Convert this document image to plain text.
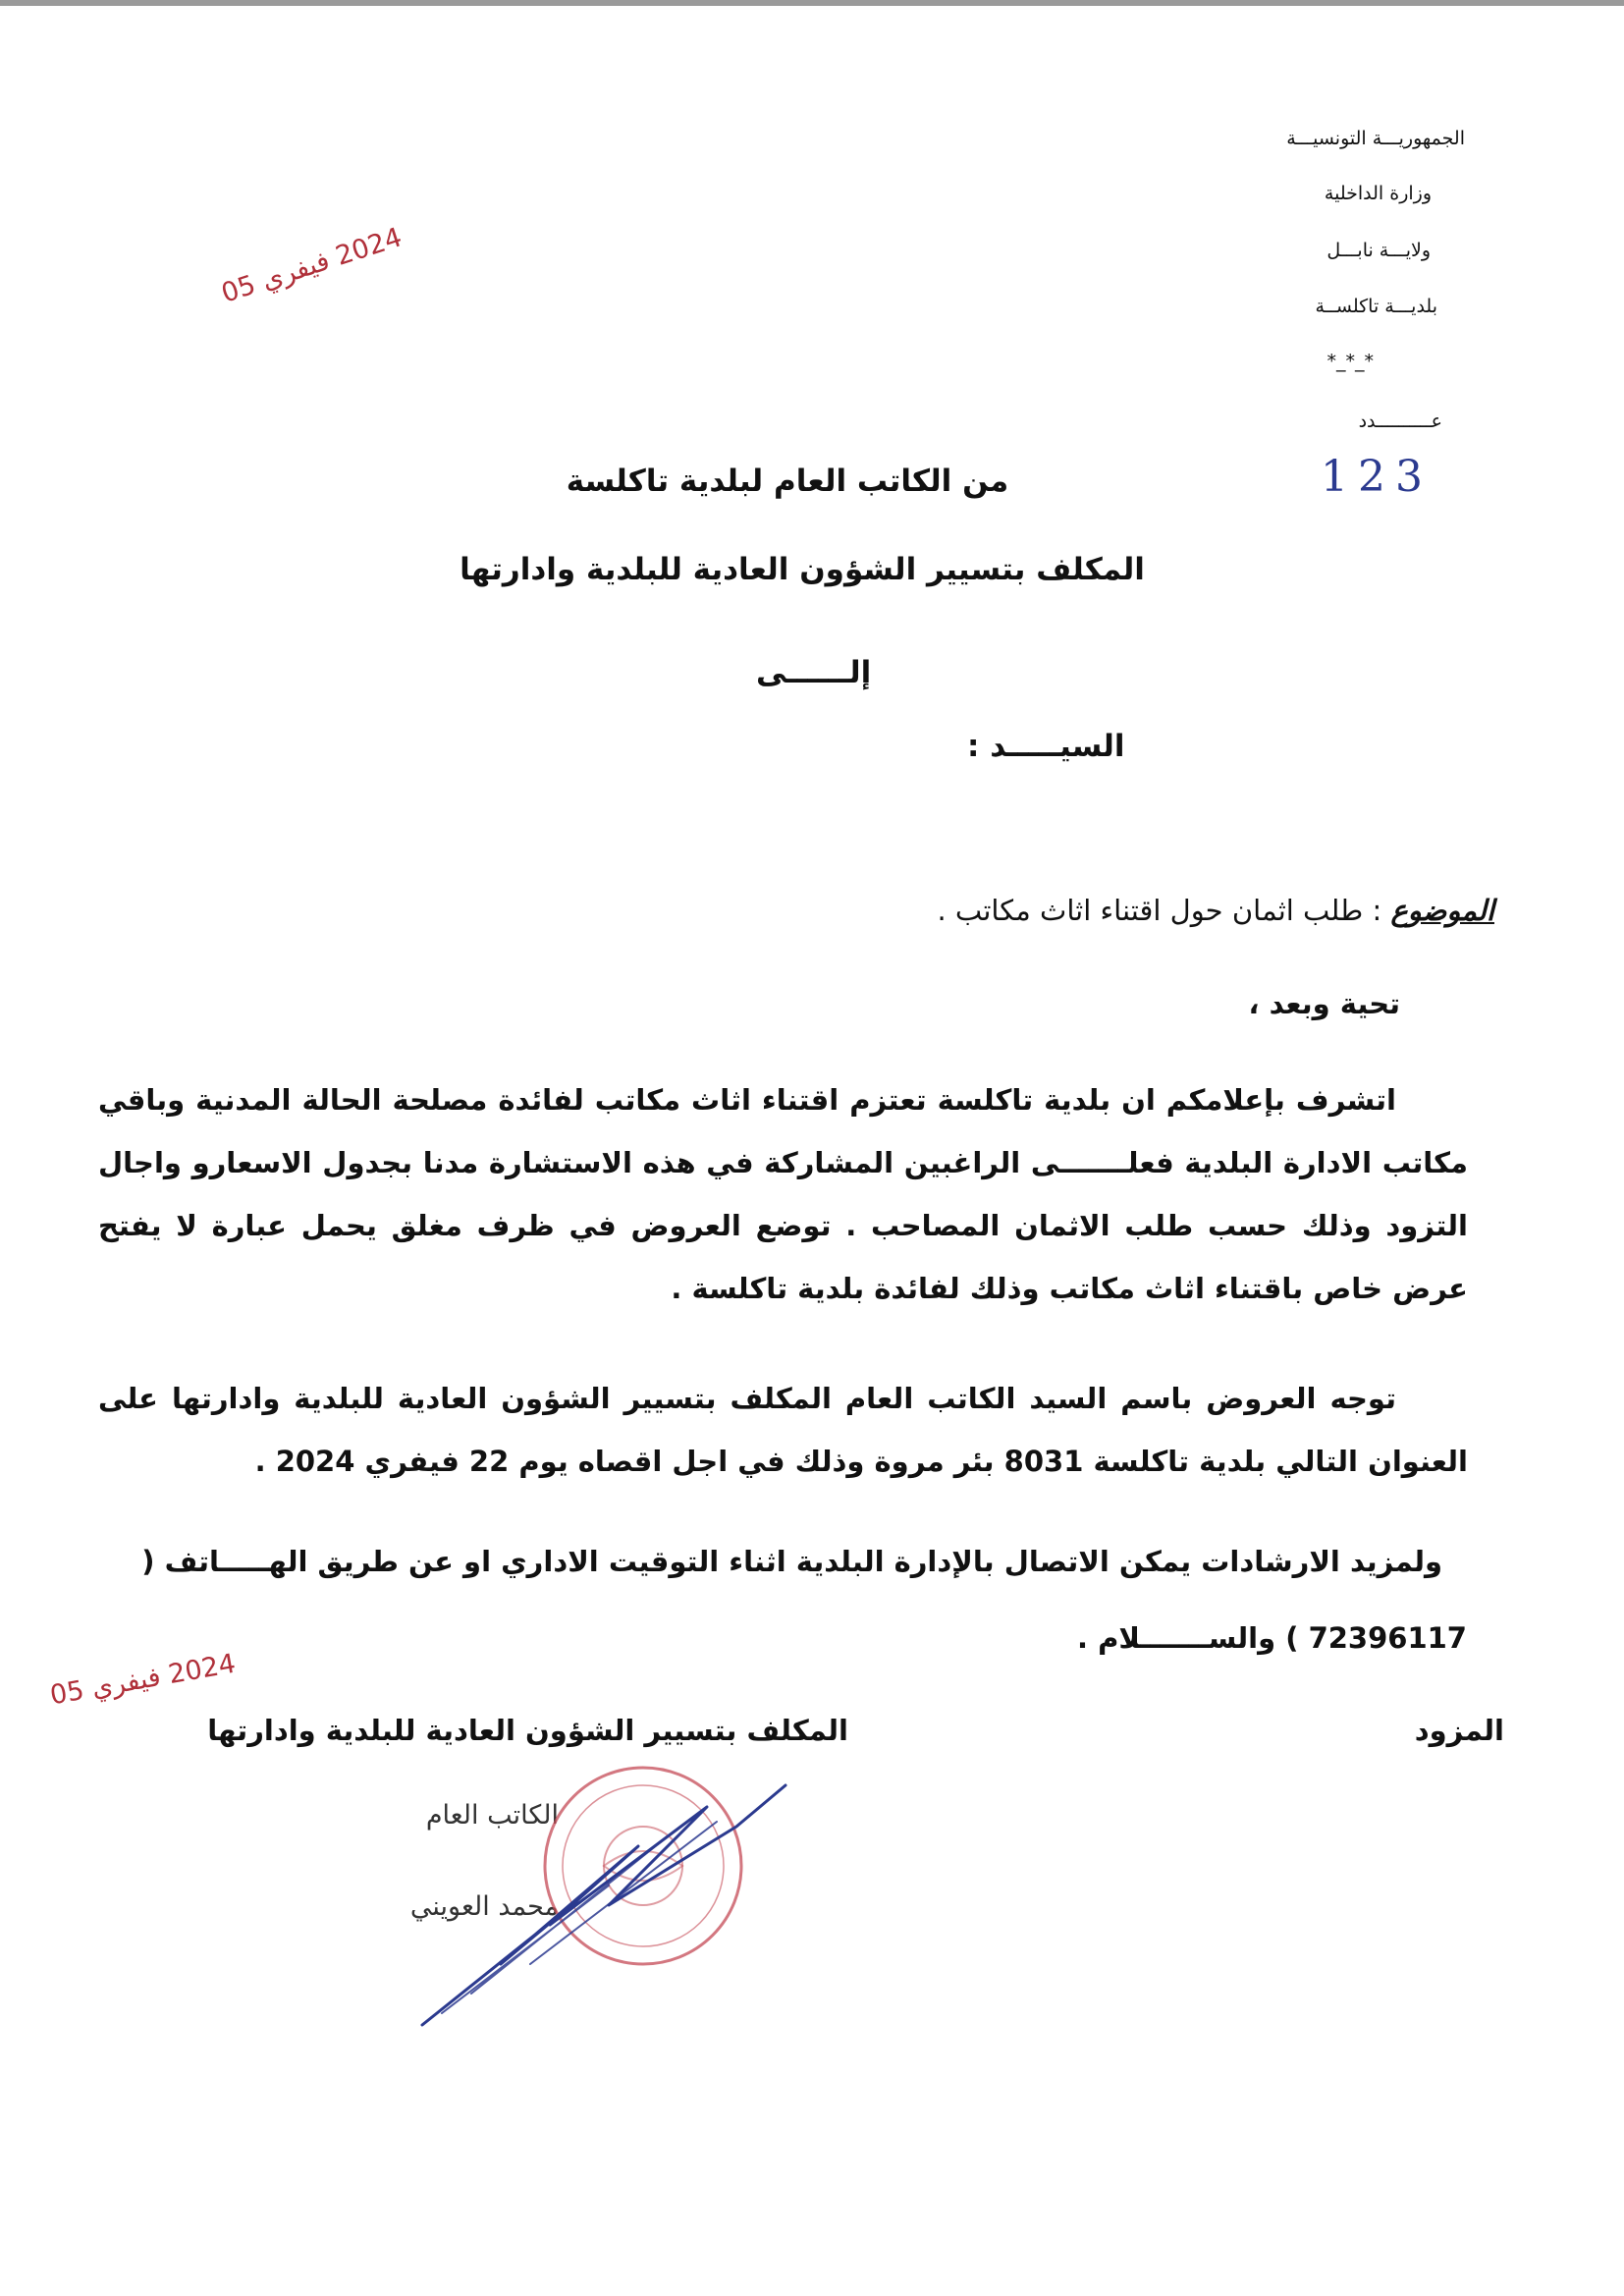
الجمهوريـــة التونسيـــة
وزارة الداخلية
ولايـــة نابـــل
بلديـــة تاكلســة
*_*_*
عــــــــــدد
123
2024 فيفري 05
من الكاتب العام لبلدية تاكلسة
المكلف بتسيير الشؤون العادية للبلدية وادارتها
إلــــــى
السيـــــد :
الموضوع : طلب اثمان حول اقتناء اثاث مكاتب .
تحية وبعد ،
اتشرف بإعلامكم ان بلدية تاكلسة تعتزم اقتناء اثاث مكاتب لفائدة مصلحة الحالة المدنية وباقي مكاتب الادارة البلدية فعلـــــــى الراغبين المشاركة في هذه الاستشارة مدنا بجدول الاسعارو واجال التزود وذلك حسب طلب الاثمان المصاحب . توضع العروض في ظرف مغلق يحمل عبارة لا يفتح عرض خاص باقتناء اثاث مكاتب وذلك لفائدة بلدية تاكلسة .
توجه العروض باسم السيد الكاتب العام المكلف بتسيير الشؤون العادية للبلدية وادارتها على العنوان التالي بلدية تاكلسة 8031 بئر مروة وذلك في اجل اقصاه يوم 22 فيفري 2024 .
ولمزيد الارشادات يمكن الاتصال بالإدارة البلدية اثناء التوقيت الاداري او عن طريق الهـــــاتف (
72396117 ) والســـــــلام .
2024 فيفري 05
المزود
المكلف بتسيير الشؤون العادية للبلدية وادارتها
الكاتب العام
محمد العويني
